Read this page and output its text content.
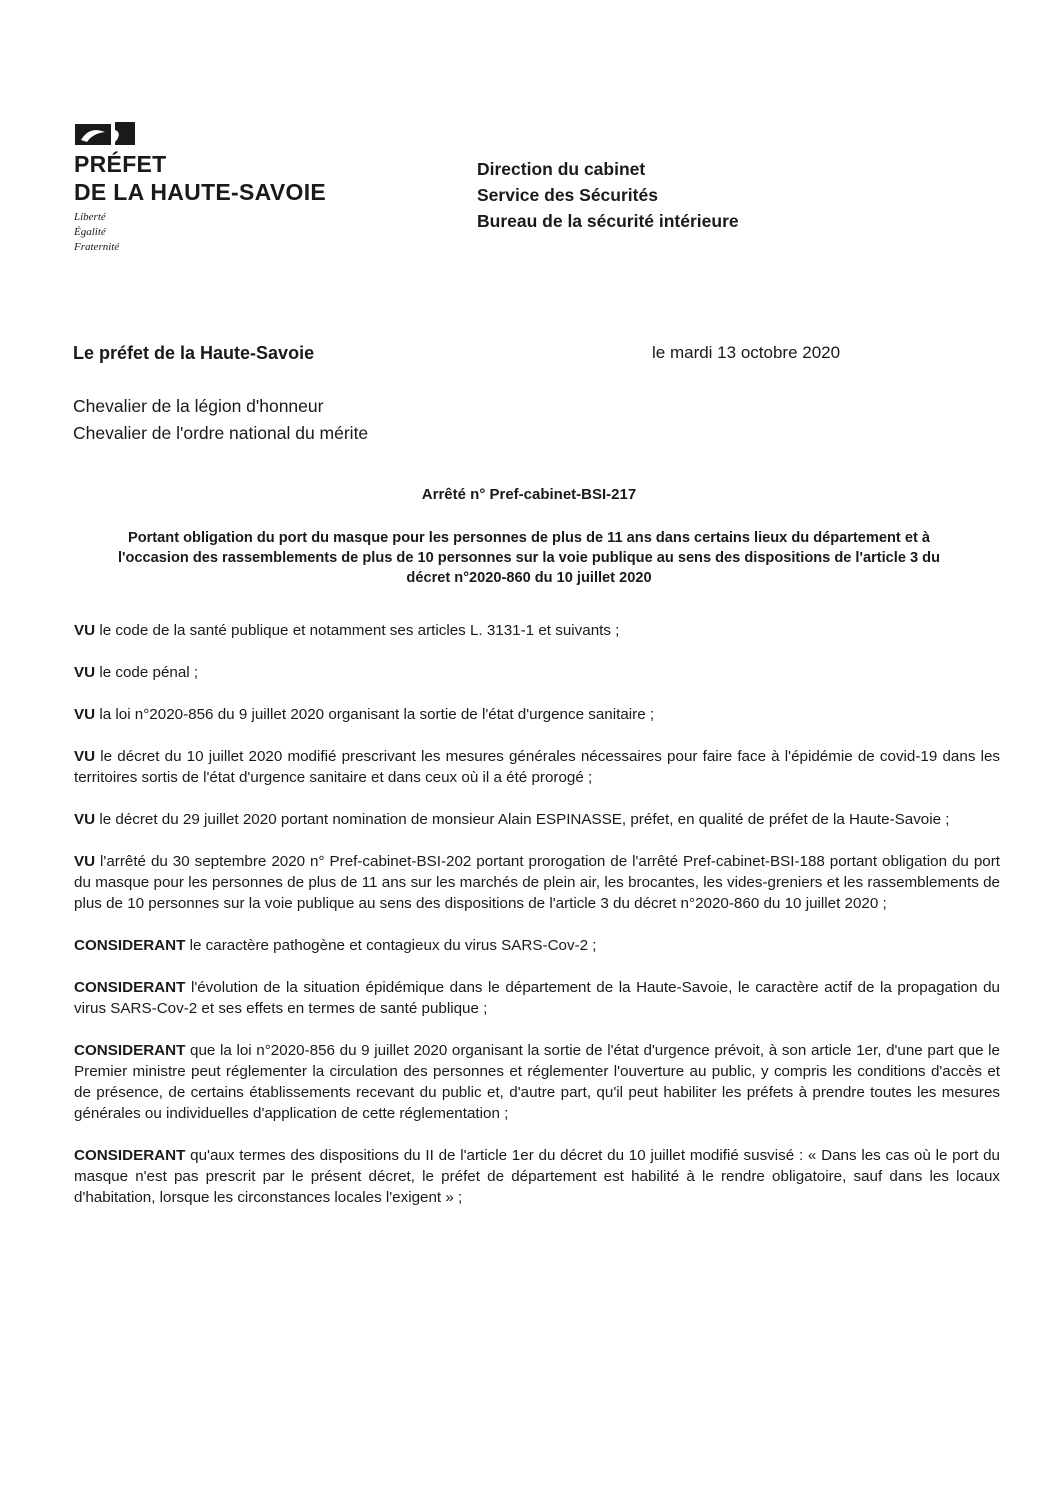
PRÉFET
DE LA HAUTE-SAVOIE
Liberté
Égalité
Fraternité
Direction du cabinet
Service des Sécurités
Bureau de la sécurité intérieure
Le préfet de la Haute-Savoie	le mardi 13 octobre 2020
Chevalier de la légion d'honneur
Chevalier de l'ordre national du mérite
Arrêté n° Pref-cabinet-BSI-217
Portant obligation du port du masque pour les personnes de plus de 11 ans dans certains lieux du département et à l'occasion des rassemblements de plus de 10 personnes sur la voie publique au sens des dispositions de l'article 3 du décret n°2020-860 du 10 juillet 2020

VU le code de la santé publique et notamment ses articles L. 3131-1 et suivants ;

VU le code pénal ;

VU la loi n°2020-856 du 9 juillet 2020 organisant la sortie de l'état d'urgence sanitaire ;

VU le décret du 10 juillet 2020 modifié prescrivant les mesures générales nécessaires pour faire face à l'épidémie de covid-19 dans les territoires sortis de l'état d'urgence sanitaire et dans ceux où il a été prorogé ;

VU le décret du 29 juillet 2020 portant nomination de monsieur Alain ESPINASSE, préfet, en qualité de préfet de la Haute-Savoie ;

VU l'arrêté du 30 septembre 2020 n° Pref-cabinet-BSI-202 portant prorogation de l'arrêté Pref-cabinet-BSI-188 portant obligation du port du masque pour les personnes de plus de 11 ans sur les marchés de plein air, les brocantes, les vides-greniers et les rassemblements de plus de 10 personnes sur la voie publique au sens des dispositions de l'article 3 du décret n°2020-860 du 10 juillet 2020 ;

CONSIDERANT le caractère pathogène et contagieux du virus SARS-Cov-2 ;

CONSIDERANT l'évolution de la situation épidémique dans le département de la Haute-Savoie, le caractère actif de la propagation du virus SARS-Cov-2 et ses effets en termes de santé publique ;

CONSIDERANT que la loi n°2020-856 du 9 juillet 2020 organisant la sortie de l'état d'urgence prévoit, à son article 1er, d'une part que le Premier ministre peut réglementer la circulation des personnes et réglementer l'ouverture au public, y compris les conditions d'accès et de présence, de certains établissements recevant du public et, d'autre part, qu'il peut habiliter les préfets à prendre toutes les mesures générales ou individuelles d'application de cette réglementation ;

CONSIDERANT qu'aux termes des dispositions du II de l'article 1er du décret du 10 juillet modifié susvisé : « Dans les cas où le port du masque n'est pas prescrit par le présent décret, le préfet de département est habilité à le rendre obligatoire, sauf dans les locaux d'habitation, lorsque les circonstances locales l'exigent » ;
